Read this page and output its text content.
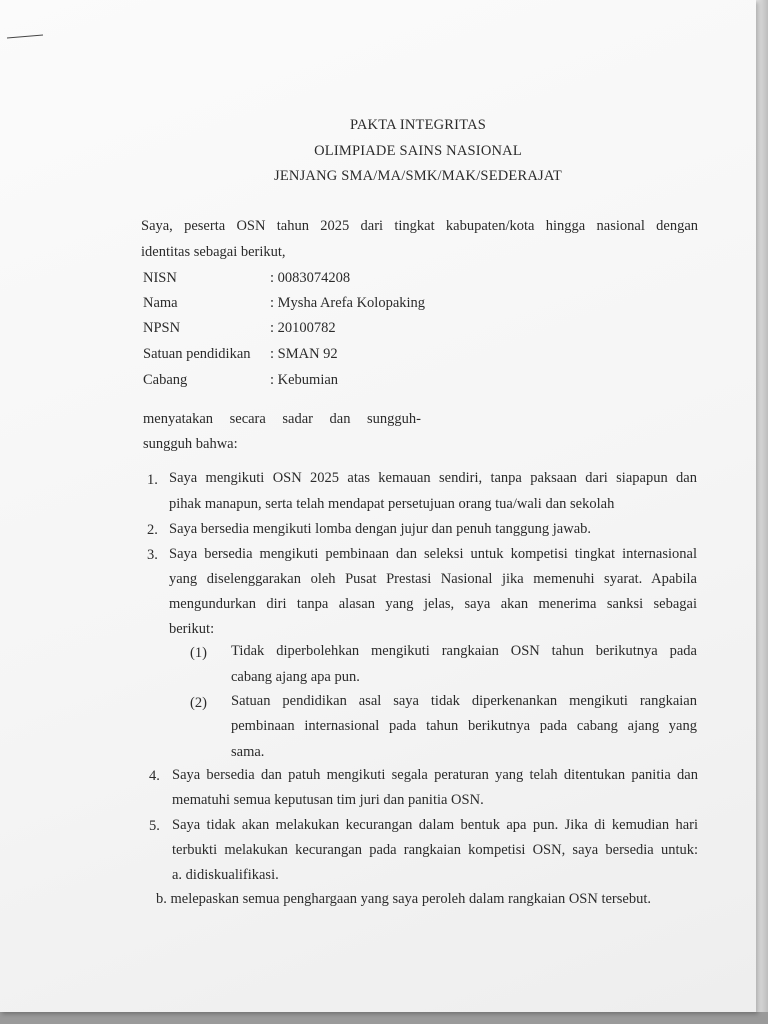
PAKTA INTEGRITAS
OLIMPIADE SAINS NASIONAL
JENJANG SMA/MA/SMK/MAK/SEDERAJAT
Saya, peserta OSN tahun 2025 dari tingkat kabupaten/kota hingga nasional dengan
identitas sebagai berikut,
NISN	: 0083074208
Nama	: Mysha Arefa Kolopaking
NPSN	: 20100782
Satuan pendidikan : SMAN 92
Cabang	: Kebumian
menyatakan secara sadar dan sungguh-
sungguh bahwa:
1. Saya mengikuti OSN 2025 atas kemauan sendiri, tanpa paksaan dari siapapun dan
pihak manapun, serta telah mendapat persetujuan orang tua/wali dan sekolah
2. Saya bersedia mengikuti lomba dengan jujur dan penuh tanggung jawab.
3. Saya bersedia mengikuti pembinaan dan seleksi untuk kompetisi tingkat internasional
yang diselenggarakan oleh Pusat Prestasi Nasional jika memenuhi syarat. Apabila
mengundurkan diri tanpa alasan yang jelas, saya akan menerima sanksi sebagai
berikut:
(1) Tidak diperbolehkan mengikuti rangkaian OSN tahun berikutnya pada
cabang ajang apa pun.
(2) Satuan pendidikan asal saya tidak diperkenankan mengikuti rangkaian
pembinaan internasional pada tahun berikutnya pada cabang ajang yang
sama.
4. Saya bersedia dan patuh mengikuti segala peraturan yang telah ditentukan panitia dan
mematuhi semua keputusan tim juri dan panitia OSN.
5. Saya tidak akan melakukan kecurangan dalam bentuk apa pun. Jika di kemudian hari
terbukti melakukan kecurangan pada rangkaian kompetisi OSN, saya bersedia untuk:
a. didiskualifikasi.
b. melepaskan semua penghargaan yang saya peroleh dalam rangkaian OSN tersebut.
